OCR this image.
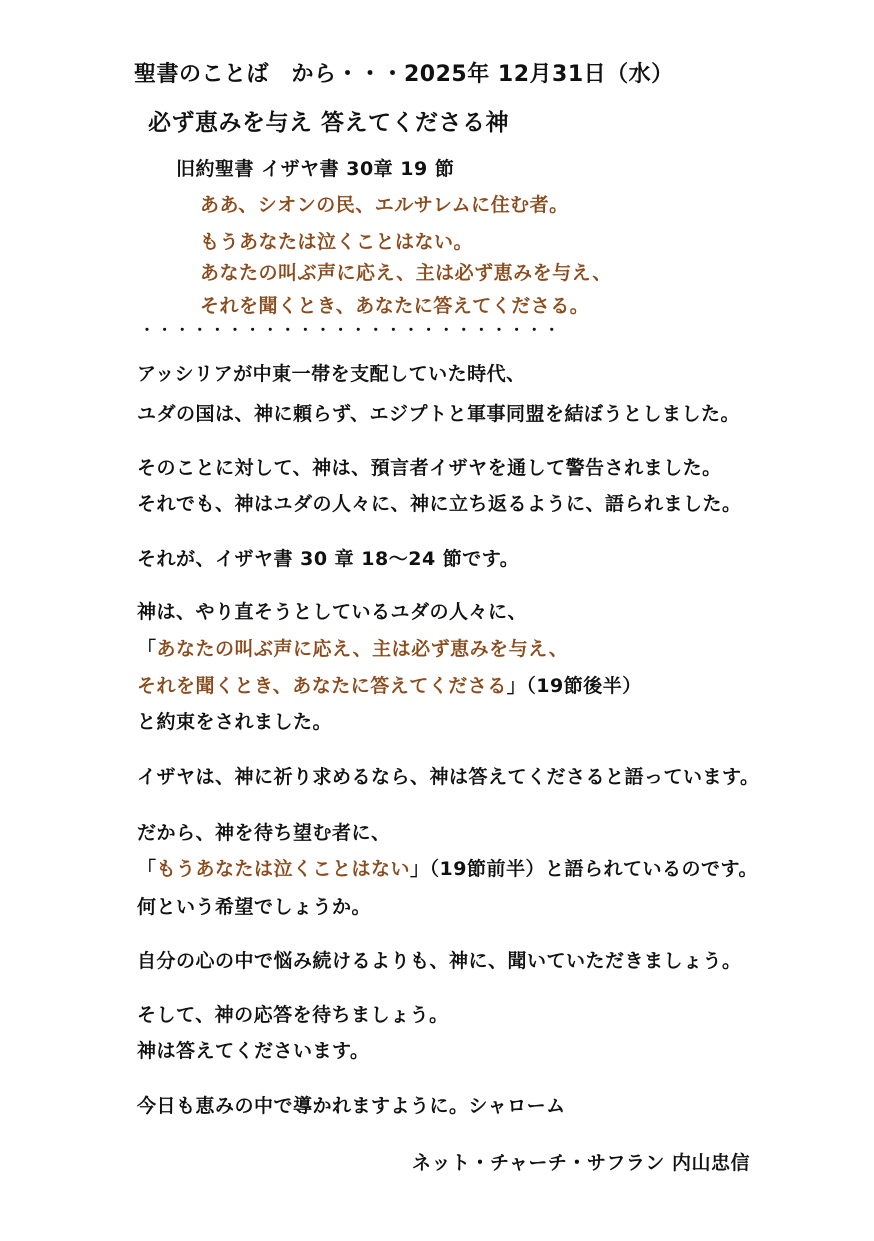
聖書のことば　から・・・2025年 12月31日（水）
必ず恵みを与え 答えてくださる神
旧約聖書 イザヤ書 30章 19 節
ああ、シオンの民、エルサレムに住む者。
もうあなたは泣くことはない。
あなたの叫ぶ声に応え、主は必ず恵みを与え、
それを聞くとき、あなたに答えてくださる。
・・・・・・・・・・・・・・・・・・・・・・・・
アッシリアが中東一帯を支配していた時代、
ユダの国は、神に頼らず、エジプトと軍事同盟を結ぼうとしました。
そのことに対して、神は、預言者イザヤを通して警告されました。
それでも、神はユダの人々に、神に立ち返るように、語られました。
それが、イザヤ書 30 章 18～24 節です。
神は、やり直そうとしているユダの人々に、
「あなたの叫ぶ声に応え、主は必ず恵みを与え、
それを聞くとき、あなたに答えてくださる」（19節後半）
と約束をされました。
イザヤは、神に祈り求めるなら、神は答えてくださると語っています。
だから、神を待ち望む者に、
「もうあなたは泣くことはない」（19節前半）と語られているのです。
何という希望でしょうか。
自分の心の中で悩み続けるよりも、神に、聞いていただきましょう。
そして、神の応答を待ちましょう。
神は答えてくださいます。
今日も恵みの中で導かれますように。シャローム
ネット・チャーチ・サフラン 内山忠信
